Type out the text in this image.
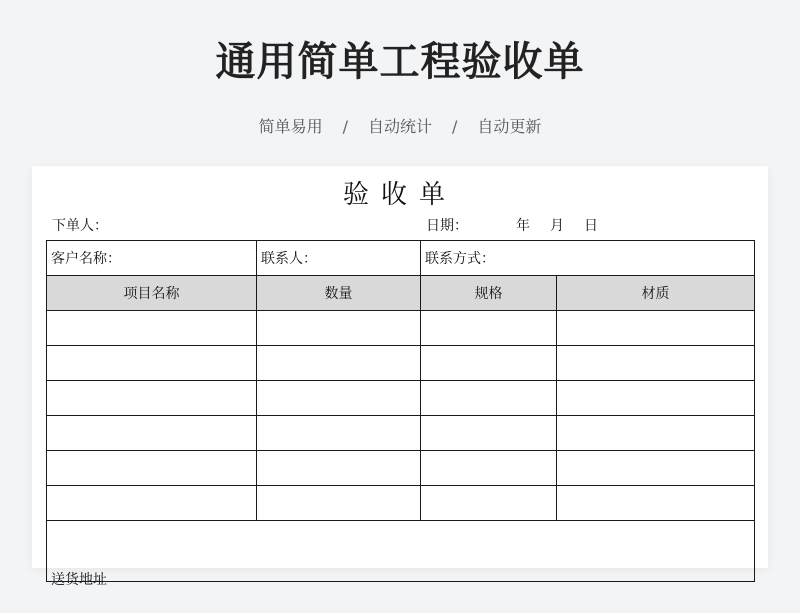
通用简单工程验收单
简单易用 / 自动统计 / 自动更新
验收单
下单人：	日期：	年 月 日
客户名称：	联系人：	联系方式：	
项目名称	数量	规格	材质

送货地址			
